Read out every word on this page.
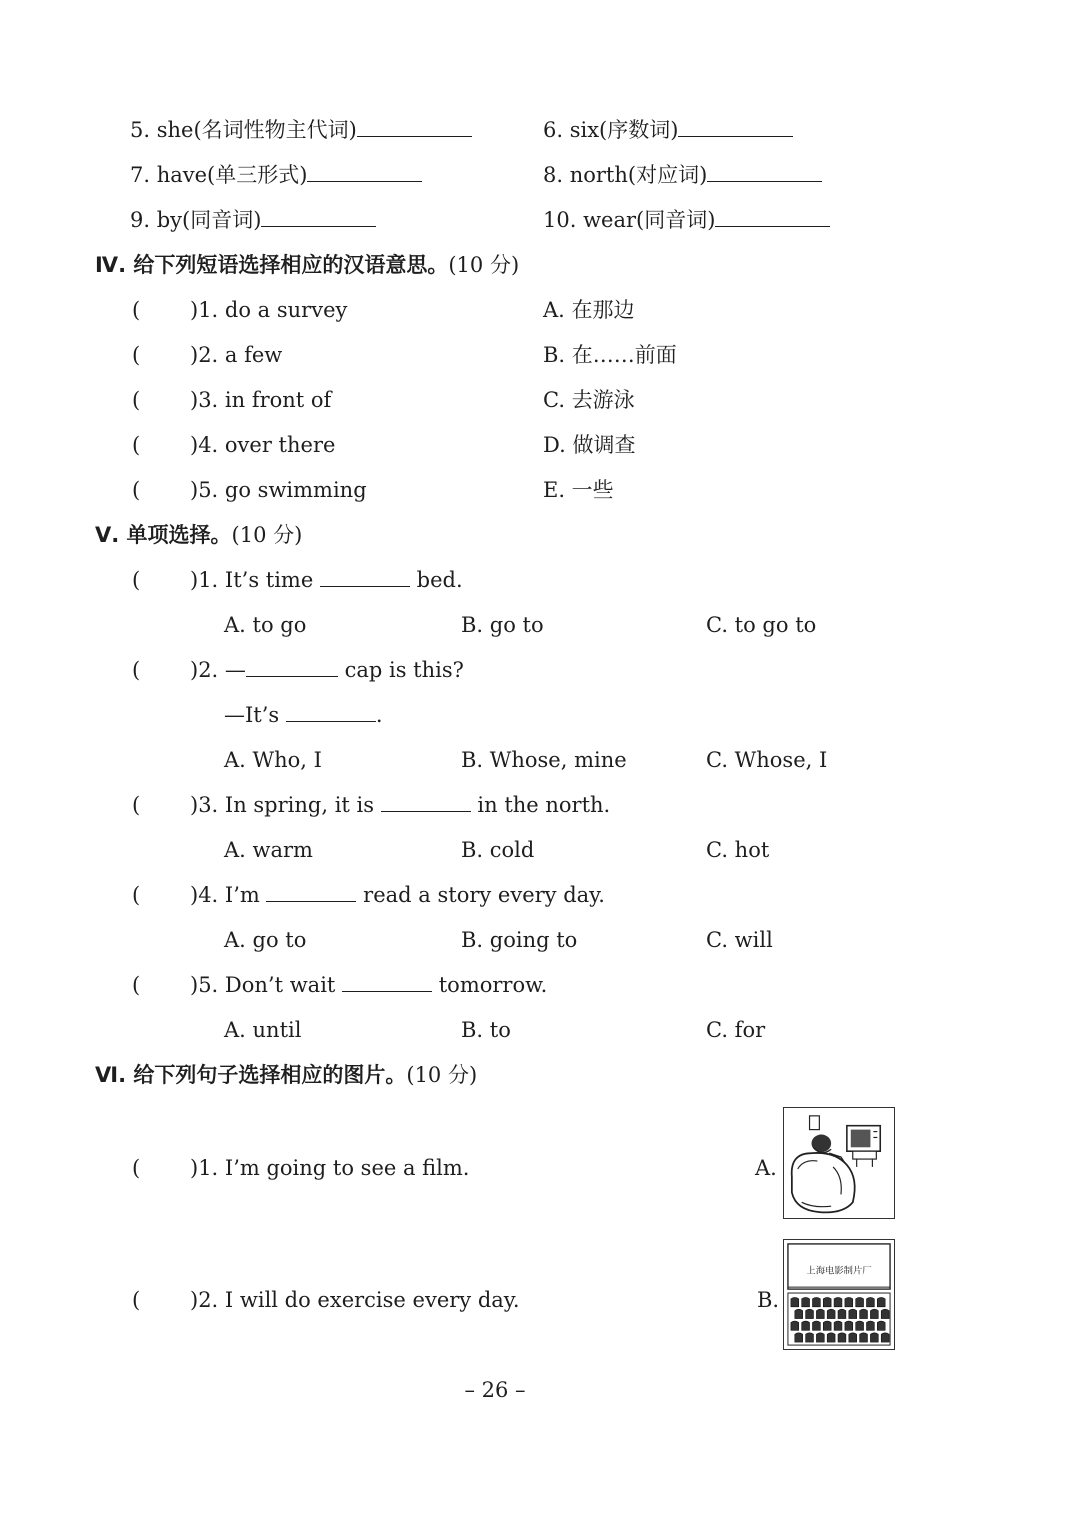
5. she(名词性物主代词)	6. six(序数词)
7. have(单三形式)	8. north(对应词)
9. by(同音词)	10. wear(同音词)
Ⅳ. 给下列短语选择相应的汉语意思。(10 分)
( )1. do a survey	A. 在那边
( )2. a few	B. 在……前面
( )3. in front of	C. 去游泳
( )4. over there	D. 做调查
( )5. go swimming	E. 一些
Ⅴ. 单项选择。(10 分)
( )1. It’s time	bed.
A. to go	B. go to	C. to go to
( )2. —	cap is this?
—It’s	.
A. Who, I	B. Whose, mine	C. Whose, I
( )3. In spring, it is	in the north.
A. warm	B. cold	C. hot
( )4. I’m	read a story every day.
A. go to	B. going to	C. will
( )5. Don’t wait	tomorrow.
A. until	B. to	C. for
Ⅵ. 给下列句子选择相应的图片。(10 分)
( )1. I’m going to see a film.	A.
( )2. I will do exercise every day.	B.
上海电影制片厂
– 26 –
